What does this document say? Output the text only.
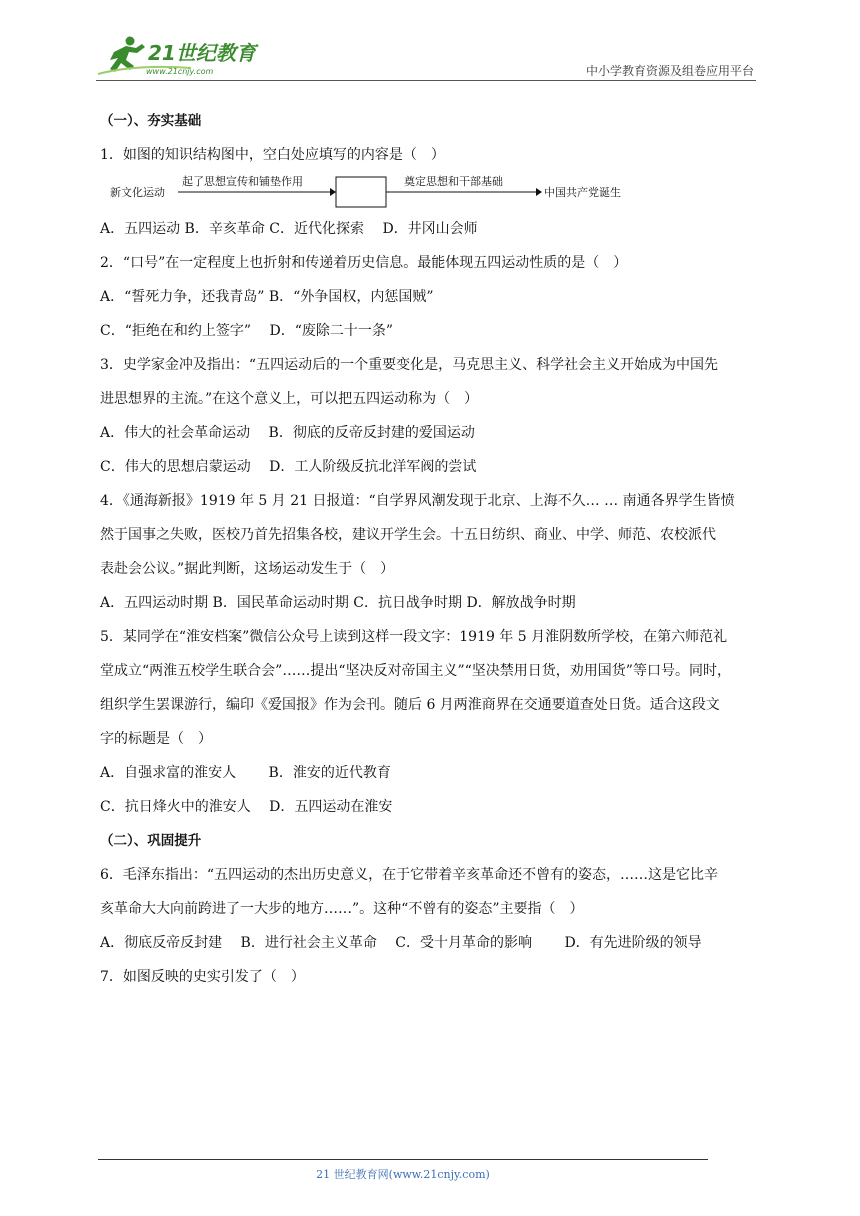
21世纪教育
www.21cnjy.com	中小学教育资源及组卷应用平台
（一）、夯实基础
1．如图的知识结构图中，空白处应填写的内容是（　）
新文化运动
起了思想宣传和铺垫作用	奠定思想和干部基础
中国共产党诞生
A．五四运动 B．辛亥革命 C．近代化探索　 D．井冈山会师
2．“口号”在一定程度上也折射和传递着历史信息。最能体现五四运动性质的是（　）
A．“誓死力争，还我青岛” B．“外争国权，内惩国贼”
C．“拒绝在和约上签字”　 D．“废除二十一条”
3．史学家金冲及指出：“五四运动后的一个重要变化是，马克思主义、科学社会主义开始成为中国先
进思想界的主流。”在这个意义上，可以把五四运动称为（　）
A．伟大的社会革命运动　 B．彻底的反帝反封建的爱国运动
C．伟大的思想启蒙运动　 D．工人阶级反抗北洋军阀的尝试
4．《通海新报》1919 年 5 月 21 日报道：“自学界风潮发现于北京、上海不久… … 南通各界学生皆愤
然于国事之失败，医校乃首先招集各校，建议开学生会。十五日纺织、商业、中学、师范、农校派代
表赴会公议。”据此判断，这场运动发生于（　）
A．五四运动时期 B．国民革命运动时期 C．抗日战争时期 D．解放战争时期
5．某同学在“淮安档案”微信公众号上读到这样一段文字：1919 年 5 月淮阴数所学校，在第六师范礼
堂成立“两淮五校学生联合会”……提出“坚决反对帝国主义”“坚决禁用日货，劝用国货”等口号。同时，
组织学生罢课游行，编印《爱国报》作为会刊。随后 6 月两淮商界在交通要道查处日货。适合这段文
字的标题是（　）
A．自强求富的淮安人　　 B．淮安的近代教育
C．抗日烽火中的淮安人　 D．五四运动在淮安
（二）、巩固提升
6．毛泽东指出：“五四运动的杰出历史意义，在于它带着辛亥革命还不曾有的姿态，……这是它比辛
亥革命大大向前跨进了一大步的地方……”。这种“不曾有的姿态”主要指（　）
A．彻底反帝反封建　 B．进行社会主义革命　 C．受十月革命的影响　　 D．有先进阶级的领导
7．如图反映的史实引发了（　）
21 世纪教育网(www.21cnjy.com)
